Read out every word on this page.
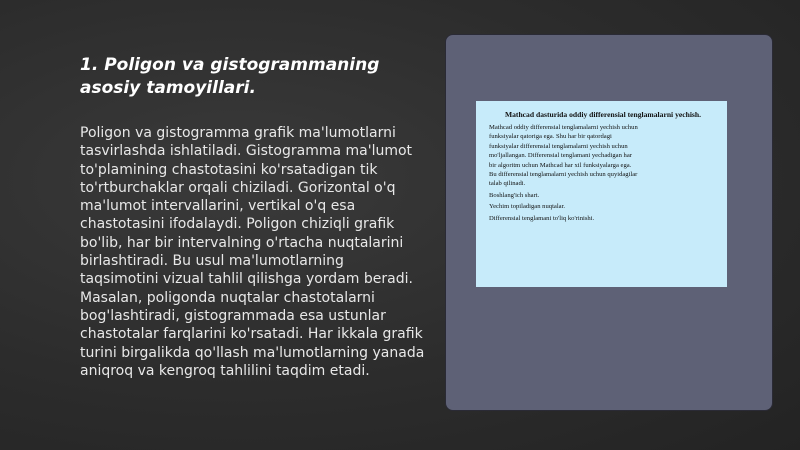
1. Poligon va gistogrammaning asosiy tamoyillari.

Poligon va gistogramma grafik ma'lumotlarni tasvirlashda ishlatiladi. Gistogramma ma'lumot to'plamining chastotasini ko'rsatadigan tik to'rtburchaklar orqali chiziladi. Gorizontal o'q ma'lumot intervallarini, vertikal o'q esa chastotasini ifodalaydi. Poligon chiziqli grafik bo'lib, har bir intervalning o'rtacha nuqtalarini birlashtiradi. Bu usul ma'lumotlarning taqsimotini vizual tahlil qilishga yordam beradi. Masalan, poligonda nuqtalar chastotalarni bog'lashtiradi, gistogrammada esa ustunlar chastotalar farqlarini ko'rsatadi. Har ikkala grafik turini birgalikda qo'llash ma'lumotlarning yanada aniqroq va kengroq tahlilini taqdim etadi.

Mathcad dasturida oddiy differensial tenglamalarni yechish.

Mathcad oddiy differensial tenglamalarni yechish uchun

funksiyalar qatoriga ega. Shu har bir qatordagi

funksiyalar differensial tenglamalarni yechish uchun

mo'ljallangan. Differensial tenglamani yechadigan har

bir algoritm uchun Mathcad har xil funksiyalarga ega.

Bu differensial tenglamalarni yechish uchun quyidagilar

talab qilinadi.

Boshlang'ich shart.

Yechim topiladigan nuqtalar.

Differensial tenglamani to'liq ko'rinishi.
